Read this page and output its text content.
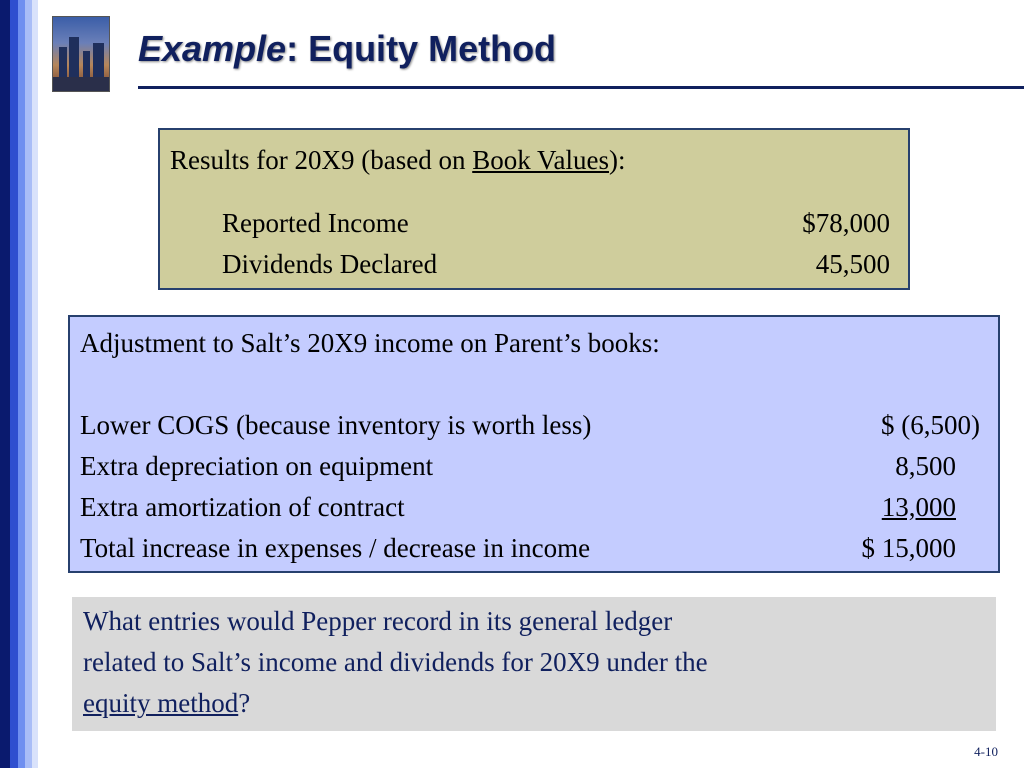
Example: Equity Method
Results for 20X9 (based on Book Values):
Reported Income	$78,000
Dividends Declared	45,500
Adjustment to Salt’s 20X9 income on Parent’s books:
Lower COGS (because inventory is worth less)	$ (6,500)
Extra depreciation on equipment	8,500
Extra amortization of contract	13,000
Total increase in expenses / decrease in income	$ 15,000
What entries would Pepper record in its general ledger
related to Salt’s income and dividends for 20X9 under the
equity method?
4-10
